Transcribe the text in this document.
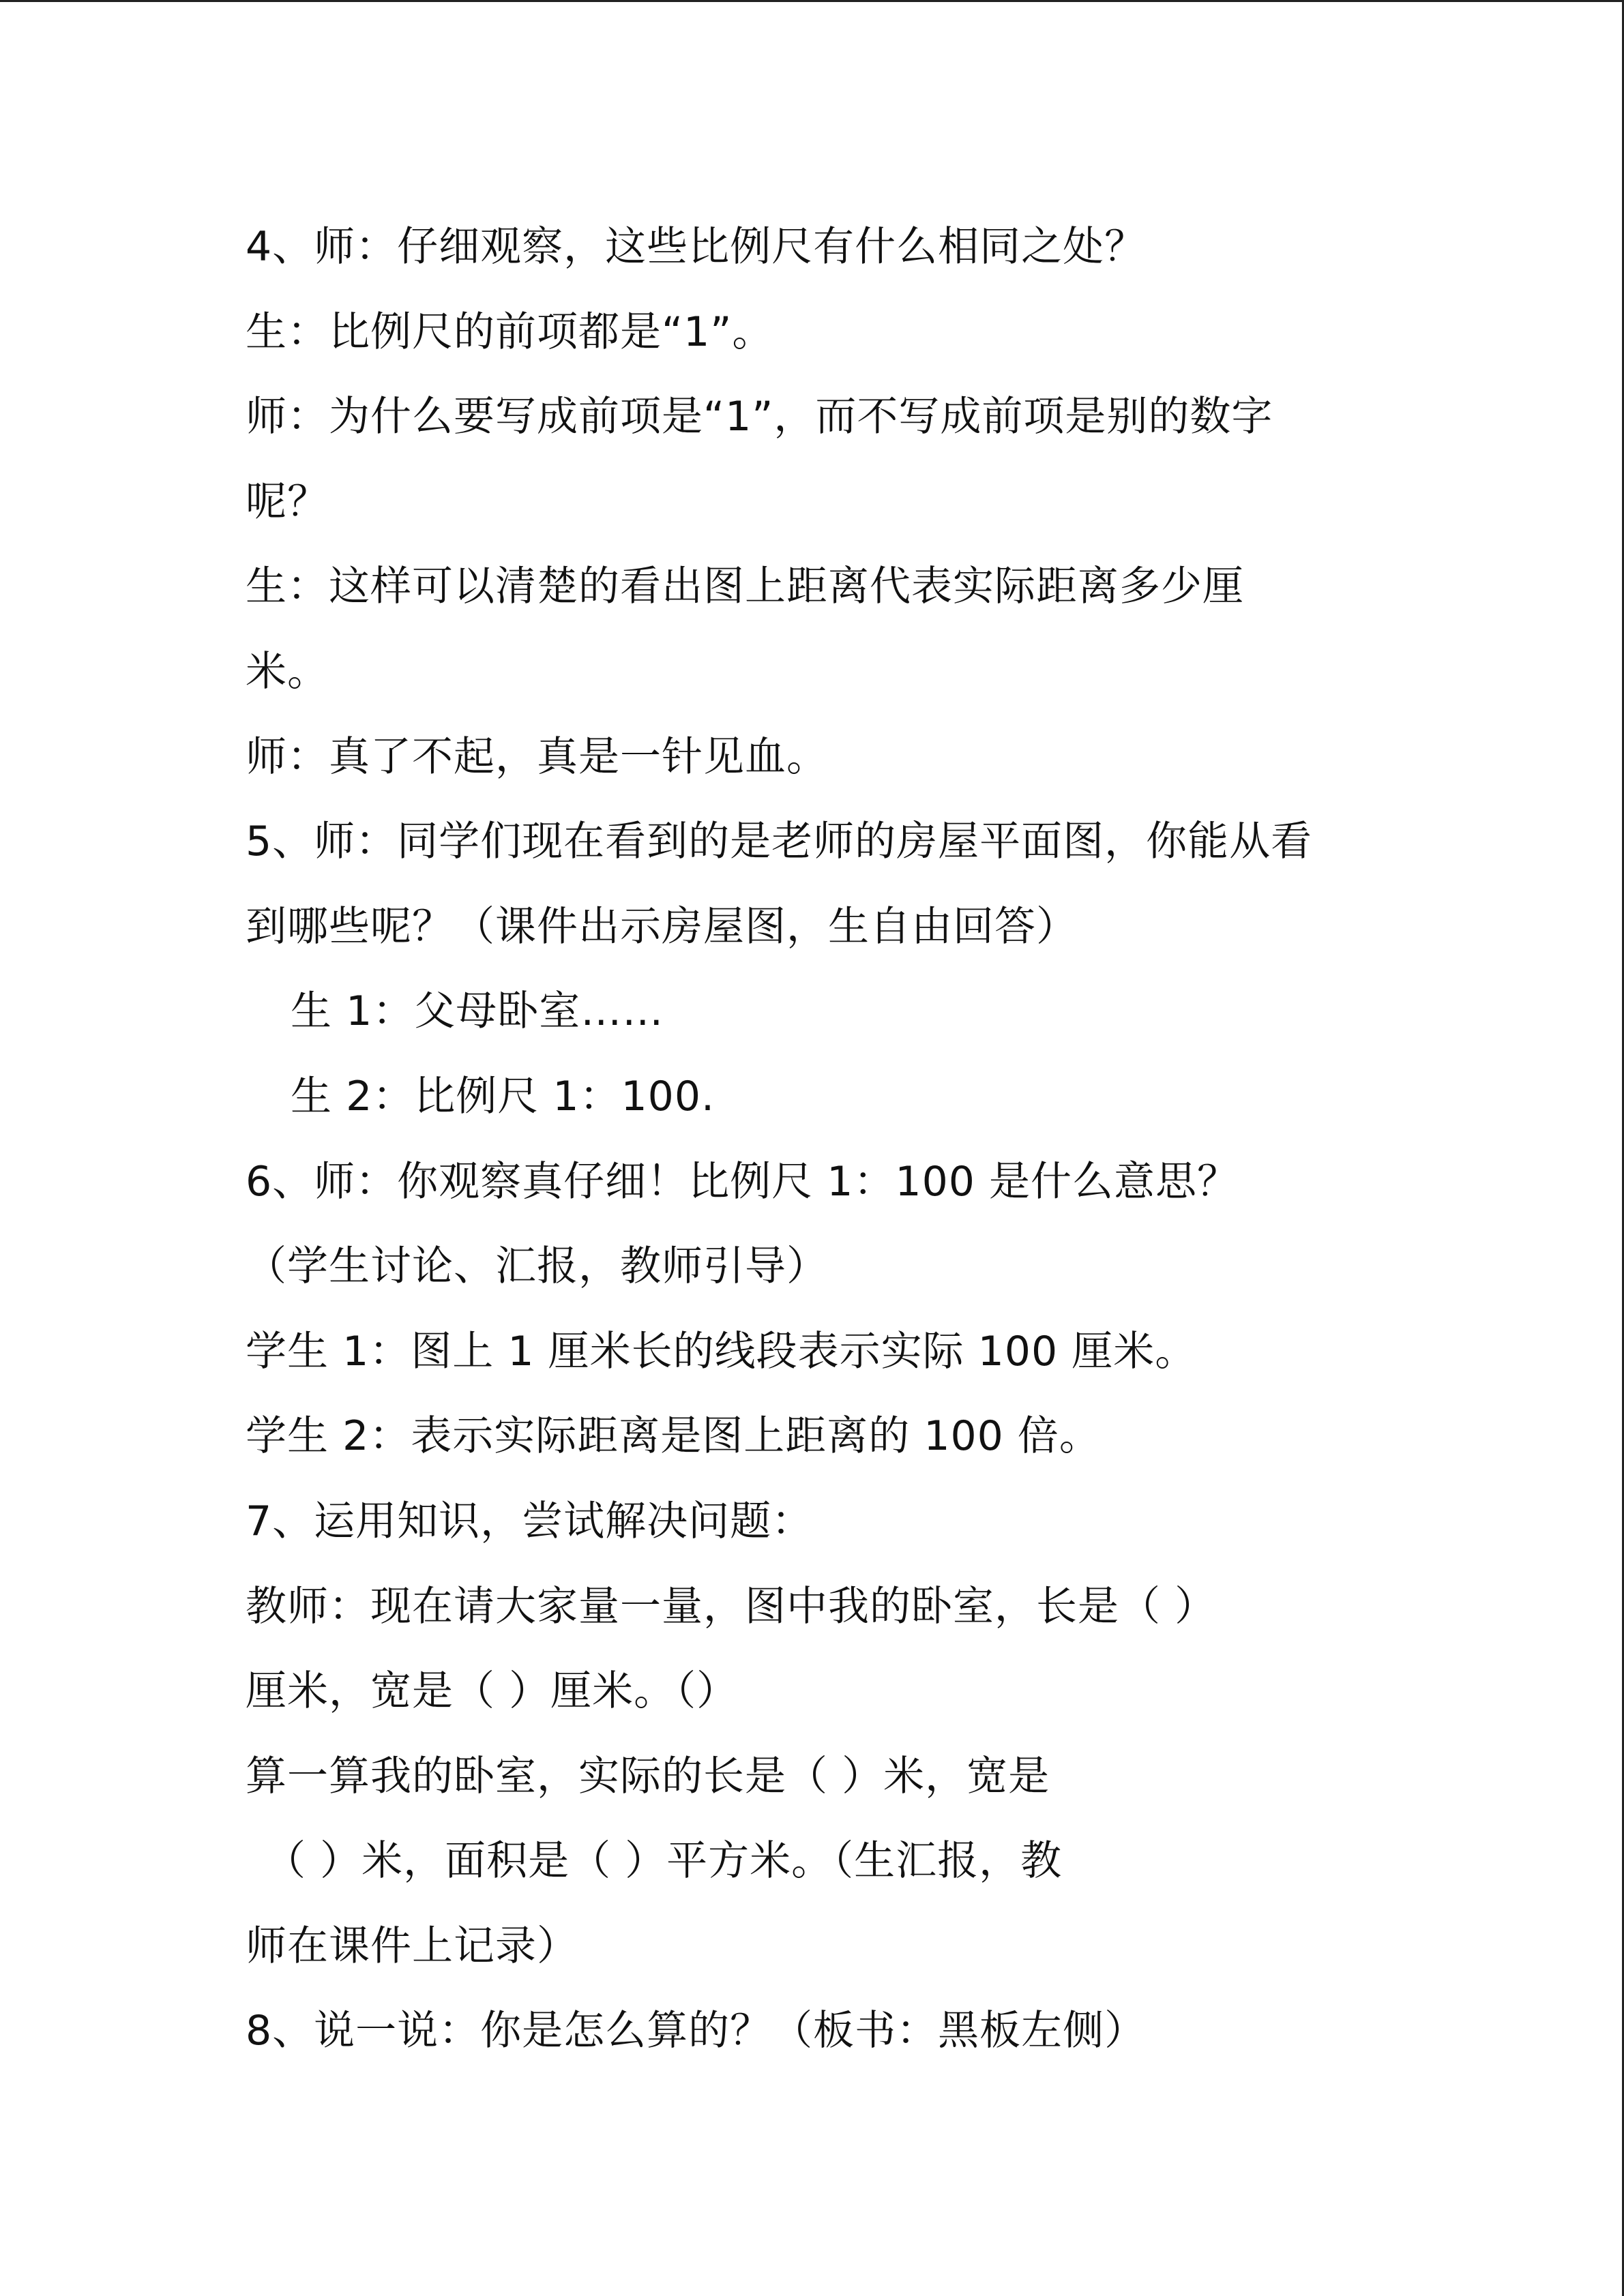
4、师：仔细观察，这些比例尺有什么相同之处？
生：比例尺的前项都是“1”。
师：为什么要写成前项是“1”，而不写成前项是别的数字
呢？
生：这样可以清楚的看出图上距离代表实际距离多少厘
米。
师：真了不起，真是一针见血。
5、师：同学们现在看到的是老师的房屋平面图，你能从看
到哪些呢？（课件出示房屋图，生自由回答）
生 1：父母卧室……
生 2：比例尺 1：100.
6、师：你观察真仔细！比例尺 1：100 是什么意思？
（学生讨论、汇报，教师引导）
学生 1：图上 1 厘米长的线段表示实际 100 厘米。
学生 2：表示实际距离是图上距离的 100 倍。
7、运用知识，尝试解决问题：
教师：现在请大家量一量，图中我的卧室，长是（ ）
厘米，宽是（ ）厘米。（）
算一算我的卧室，实际的长是（ ）米，宽是
（ ）米，面积是（ ）平方米。（生汇报，教
师在课件上记录）
8、说一说：你是怎么算的？（板书：黑板左侧）
